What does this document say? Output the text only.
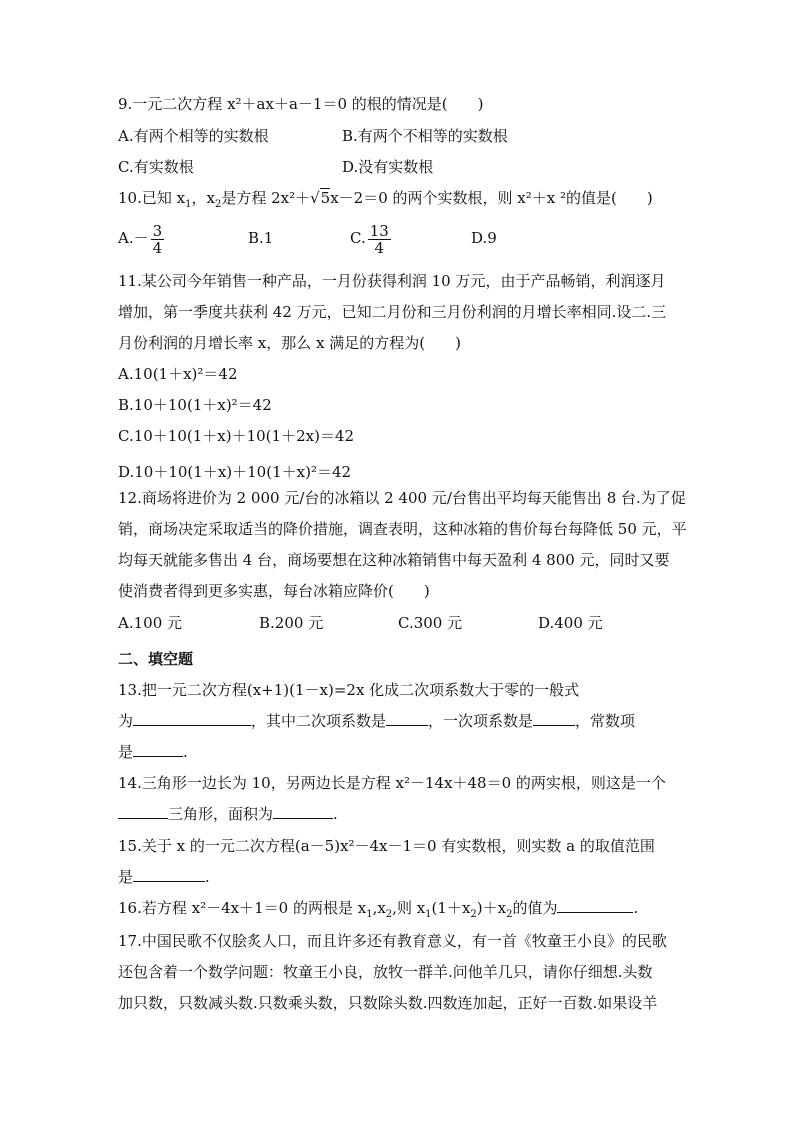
9.一元二次方程 x²＋ax＋a－1＝0 的根的情况是(　　)
A.有两个相等的实数根	B.有两个不相等的实数根
C.有实数根	D.没有实数根
10.已知 $x_1$，$x_2$是方程 2x²＋√5x－2＝0 的两个实数根，则 x²＋x ²的值是(　　)
$A.- \frac{3}{4}$	B.1	C. $\frac{13}{4}$	D.9
11.某公司今年销售一种产品，一月份获得利润 10 万元，由于产品畅销，利润逐月
增加，第一季度共获利 42 万元，已知二月份和三月份利润的月增长率相同.设二.三
月份利润的月增长率 x，那么 x 满足的方程为(　　)
A.10(1＋x)²＝42
B.10＋10(1＋x)²＝42
C.10＋10(1＋x)＋10(1＋2x)＝42
D.10＋10(1＋x)＋10(1＋x)²＝42
12.商场将进价为 2 000 元/台的冰箱以 2 400 元/台售出平均每天能售出 8 台.为了促
销，商场决定采取适当的降价措施，调查表明，这种冰箱的售价每台每降低 50 元，平
均每天就能多售出 4 台，商场要想在这种冰箱销售中每天盈利 4 800 元，同时又要
使消费者得到更多实惠，每台冰箱应降价(　　)
A.100 元	B.200 元	C.300 元	D.400 元
二、填空题
13.把一元二次方程(x+1)(1－x)=2x 化成二次项系数大于零的一般式
为	，其中二次项系数是	，一次项系数是	，常数项
是	.
14.三角形一边长为 10，另两边长是方程 x²－14x＋48＝0 的两实根，则这是一个
三角形，面积为	.
15.关于 x 的一元二次方程(a－5)x²－4x－1＝0 有实数根，则实数 a 的取值范围
是	.
16.若方程 x²－4x＋1＝0 的两根是 $x_1,x_2$,则 $x_1(1+x_2)+x_2$的值为	.
17.中国民歌不仅脍炙人口，而且许多还有教育意义，有一首《牧童王小良》的民歌
还包含着一个数学问题：牧童王小良，放牧一群羊.问他羊几只，请你仔细想.头数
加只数，只数减头数.只数乘头数，只数除头数.四数连加起，正好一百数.如果设羊
